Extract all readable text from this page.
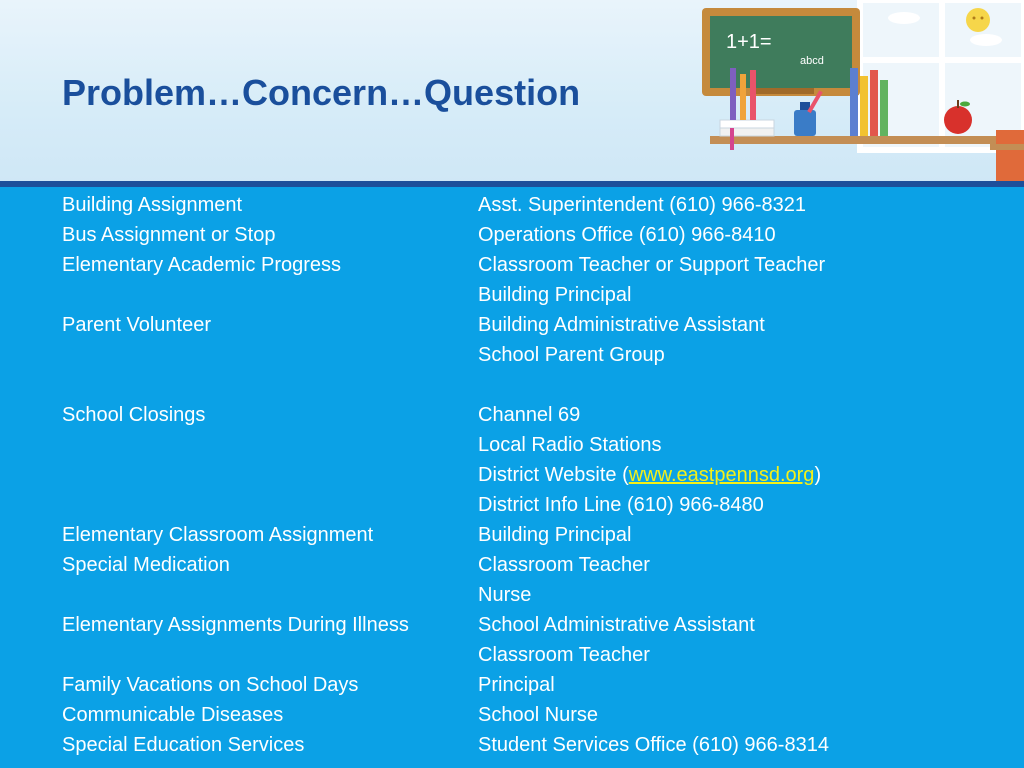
Problem…Concern…Question
1+1=
abcd
Building Assignment	Asst. Superintendent (610) 966-8321
Bus Assignment or Stop	Operations Office (610) 966-8410
Elementary Academic Progress	Classroom Teacher or Support Teacher
Building Principal
Parent Volunteer	Building Administrative Assistant
School Parent Group
School Closings	Channel 69
Local Radio Stations
District Website (www.eastpennsd.org)
District Info Line (610) 966-8480
Elementary Classroom Assignment	Building Principal
Special Medication	Classroom Teacher
Nurse
Elementary Assignments During Illness	School Administrative Assistant
Classroom Teacher
Family Vacations on School Days	Principal
Communicable Diseases	School Nurse
Special Education Services	Student Services Office (610) 966-8314
